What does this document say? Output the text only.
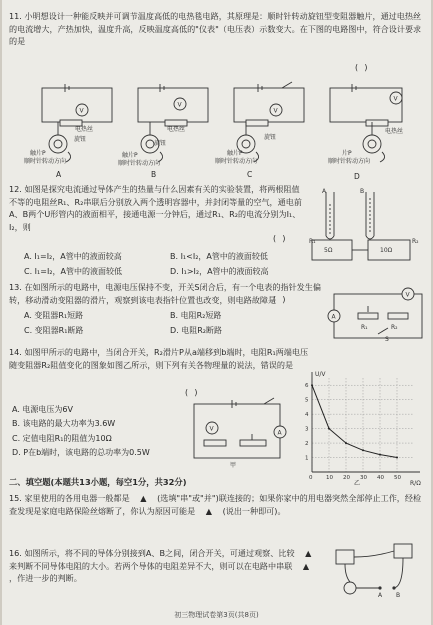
11. 小明想设计一种能反映并可调节温度高低的电热毯电路，其原理是：顺时针转动旋钮型变阻器触片，通过电热丝的电流增大，产热加快，温度升高，反映温度高低的"仪表"（电压表）示数变大。在下图的电路图中，符合设计要求的是

( )
V
V
V
V
电热丝
旋钮
触片P
顺时针转动方向
电热丝
旋钮
触片P
顺时针转动方向
旋钮
触片P
顺时针转动方向
电热丝
片P
顺时针转动方向
A	B	C	D

12. 如图是探究电流通过导体产生的热量与什么因素有关的实验装置，将两根阻值不等的电阻丝R₁、R₂串联后分别放入两个透明容器中，并封闭等量的空气，通电前A、B两个U形管内的液面相平，接通电源一分钟后，通过R₁、R₂的电流分别为I₁、I₂，则

( )
A. I₁=I₂，A管中的液面较高	B. I₁<I₂，A管中的液面较低
C. I₁=I₂，A管中的液面较低	D. I₁>I₂，A管中的液面较高
A	B
R₁	R₂
5Ω	10Ω

13. 在如图所示的电路中，电源电压保持不变，开关S闭合后，有一个电表的指针发生偏转，移动滑动变阻器的滑片，观察到该电表指针位置也改变，则电路故障是

( )
A. 变阻器R₁短路	B. 电阻R₂短路
C. 变阻器R₁断路	D. 电阻R₂断路
A
V
R₁	R₂
S

14. 如图甲所示的电路中，当闭合开关，R₂滑片P从a端移到b端时，电阻R₁两端电压随变阻器R₂阻值变化的图象如图乙所示，则下列有关各物理量的说法，错误的是

( )
A. 电源电压为6V
B. 该电路的最大功率为3.6W
C. 定值电阻R₁的阻值为10Ω
D. P在b端时，该电路的总功率为0.5W
V
A
甲
U/V
R/Ω
1
2
3
4
5
6
0 10 20 30 40 50
乙
二、填空题(本题共13小题，每空1分，共32分)

15. 家里使用的各用电器一般都是 ▲ (选填"串"或"并")联连接的；如果你家中的用电器突然全部停止工作，经检查发现是家庭电路保险丝熔断了，你认为原因可能是 ▲ (说出一种即可)。

16. 如图所示，将不同的导体分别接到A、B之间，闭合开关，可通过观察、比较 ▲ 来判断不同导体电阻的大小。若两个导体的电阻差异不大，则可以在电路中串联 ▲ ，作进一步的判断。

A B
初三物理试卷第3页(共8页)
